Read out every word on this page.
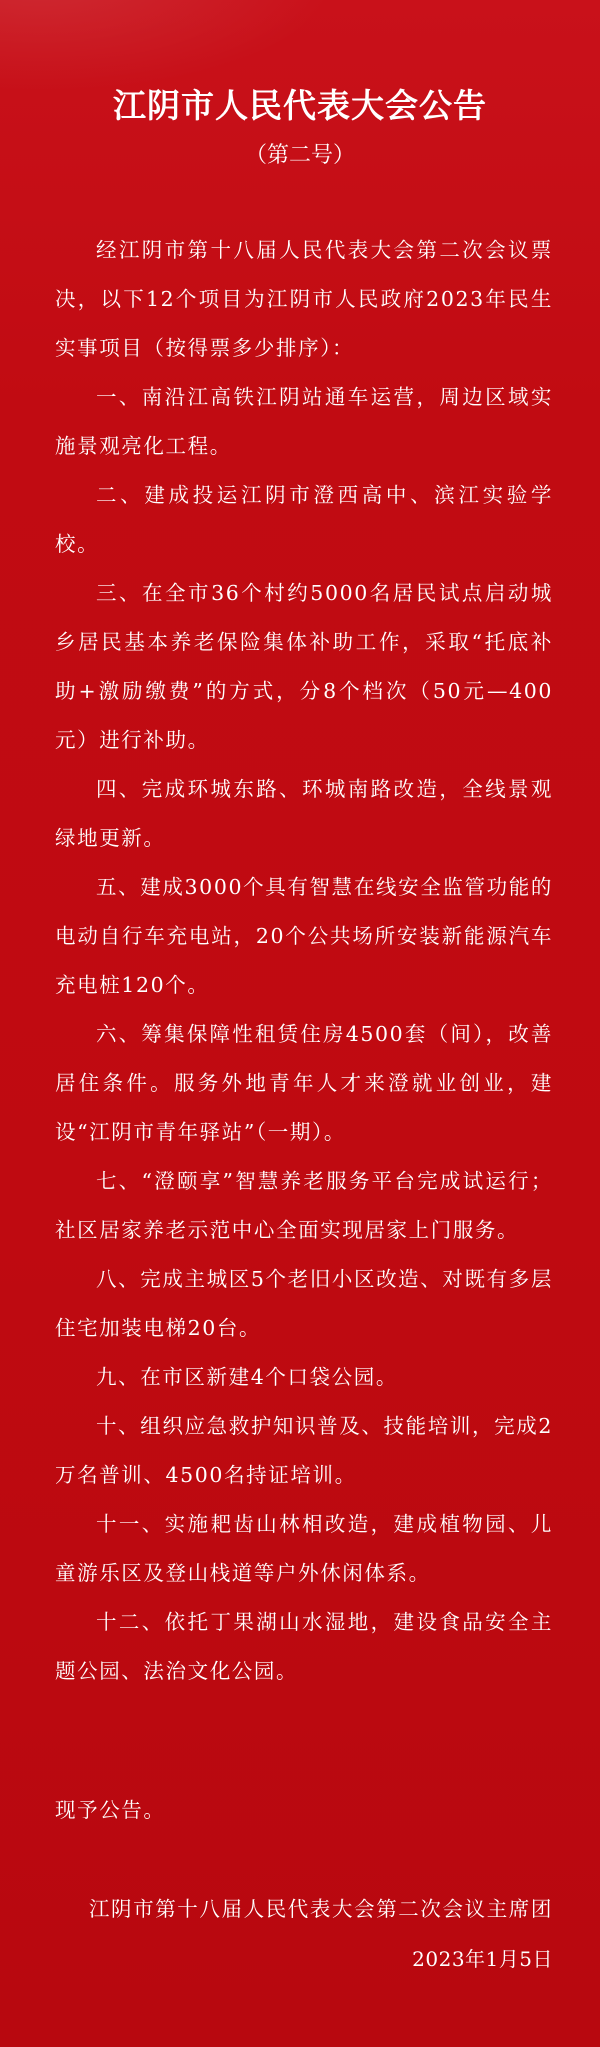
江阴市人民代表大会公告
（第二号）

经江阴市第十八届人民代表大会第二次会议票决，以下12个项目为江阴市人民政府2023年民生实事项目（按得票多少排序）：

一、南沿江高铁江阴站通车运营，周边区域实施景观亮化工程。

二、建成投运江阴市澄西高中、滨江实验学校。

三、在全市36个村约5000名居民试点启动城乡居民基本养老保险集体补助工作，采取“托底补助+激励缴费”的方式，分8个档次（50元—400元）进行补助。

四、完成环城东路、环城南路改造，全线景观绿地更新。

五、建成3000个具有智慧在线安全监管功能的电动自行车充电站，20个公共场所安装新能源汽车充电桩120个。

六、筹集保障性租赁住房4500套（间），改善居住条件。服务外地青年人才来澄就业创业，建设“江阴市青年驿站”（一期）。

七、“澄颐享”智慧养老服务平台完成试运行；社区居家养老示范中心全面实现居家上门服务。

八、完成主城区5个老旧小区改造、对既有多层住宅加装电梯20台。

九、在市区新建4个口袋公园。

十、组织应急救护知识普及、技能培训，完成2万名普训、4500名持证培训。

十一、实施耙齿山林相改造，建成植物园、儿童游乐区及登山栈道等户外休闲体系。

十二、依托丁果湖山水湿地，建设食品安全主题公园、法治文化公园。

现予公告。
江阴市第十八届人民代表大会第二次会议主席团
2023年1月5日
